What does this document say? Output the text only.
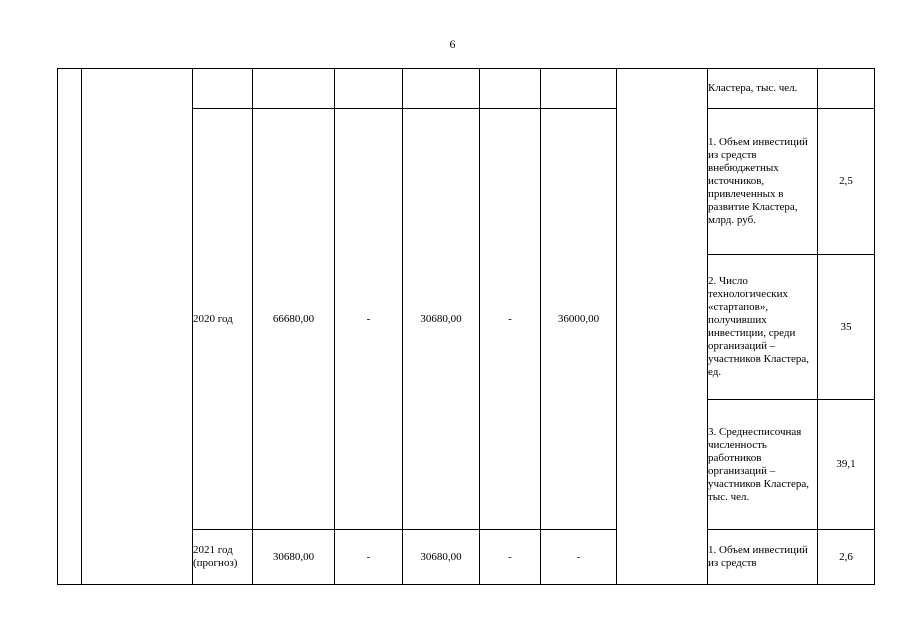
6
									Кластера, тыс. чел.	
		2020 год	66680,00	-	30680,00	-	36000,00		1. Объем инвестиций из средств внебюджетных источников, привлеченных в развитие Кластера, млрд. руб.	2,5
									2. Число технологических «стартапов», получивших инвестиции, среди организаций – участников Кластера, ед.	35
									3. Среднесписочная численность работников организаций – участников Кластера, тыс. чел.	39,1
		2021 год (прогноз)	30680,00	-	30680,00	-	-		1. Объем инвестиций из средств	2,6
